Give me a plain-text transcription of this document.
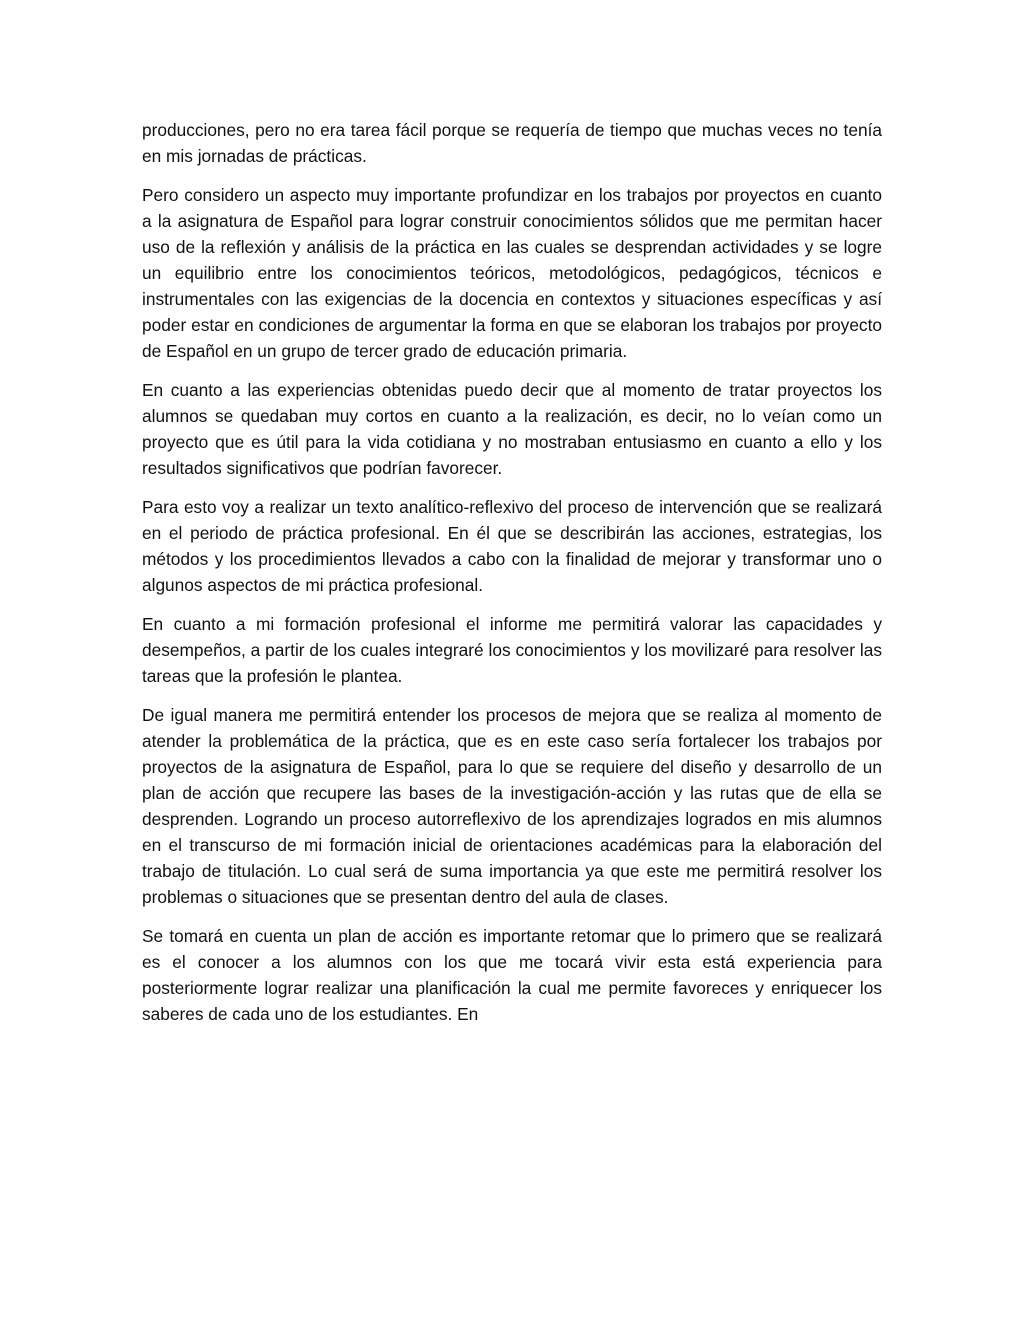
producciones, pero no era tarea fácil porque se requería de tiempo que muchas veces no tenía en mis jornadas de prácticas.

Pero considero un aspecto muy importante profundizar en los trabajos por proyectos en cuanto a la asignatura de Español para lograr construir conocimientos sólidos que me permitan hacer uso de la reflexión y análisis de la práctica en las cuales se desprendan actividades y se logre un equilibrio entre los conocimientos teóricos, metodológicos, pedagógicos, técnicos e instrumentales con las exigencias de la docencia en contextos y situaciones específicas y así poder estar en condiciones de argumentar la forma en que se elaboran los trabajos por proyecto de Español en un grupo de tercer grado de educación primaria.

En cuanto a las experiencias obtenidas puedo decir que al momento de tratar proyectos los alumnos se quedaban muy cortos en cuanto a la realización, es decir, no lo veían como un proyecto que es útil para la vida cotidiana y no mostraban entusiasmo en cuanto a ello y los resultados significativos que podrían favorecer.

Para esto voy a realizar un texto analítico-reflexivo del proceso de intervención que se realizará en el periodo de práctica profesional. En él que se describirán las acciones, estrategias, los métodos y los procedimientos llevados a cabo con la finalidad de mejorar y transformar uno o algunos aspectos de mi práctica profesional.

En cuanto a mi formación profesional el informe me permitirá valorar las capacidades y desempeños, a partir de los cuales integraré los conocimientos y los movilizaré para resolver las tareas que la profesión le plantea.

De igual manera me permitirá entender los procesos de mejora que se realiza al momento de atender la problemática de la práctica, que es en este caso sería fortalecer los trabajos por proyectos de la asignatura de Español, para lo que se requiere del diseño y desarrollo de un plan de acción que recupere las bases de la investigación-acción y las rutas que de ella se desprenden. Logrando un proceso autorreflexivo de los aprendizajes logrados en mis alumnos en el transcurso de mi formación inicial de orientaciones académicas para la elaboración del trabajo de titulación. Lo cual será de suma importancia ya que este me permitirá resolver los problemas o situaciones que se presentan dentro del aula de clases.

Se tomará en cuenta un plan de acción es importante retomar que lo primero que se realizará es el conocer a los alumnos con los que me tocará vivir esta está experiencia para posteriormente lograr realizar una planificación la cual me permite favoreces y enriquecer los saberes de cada uno de los estudiantes. En
